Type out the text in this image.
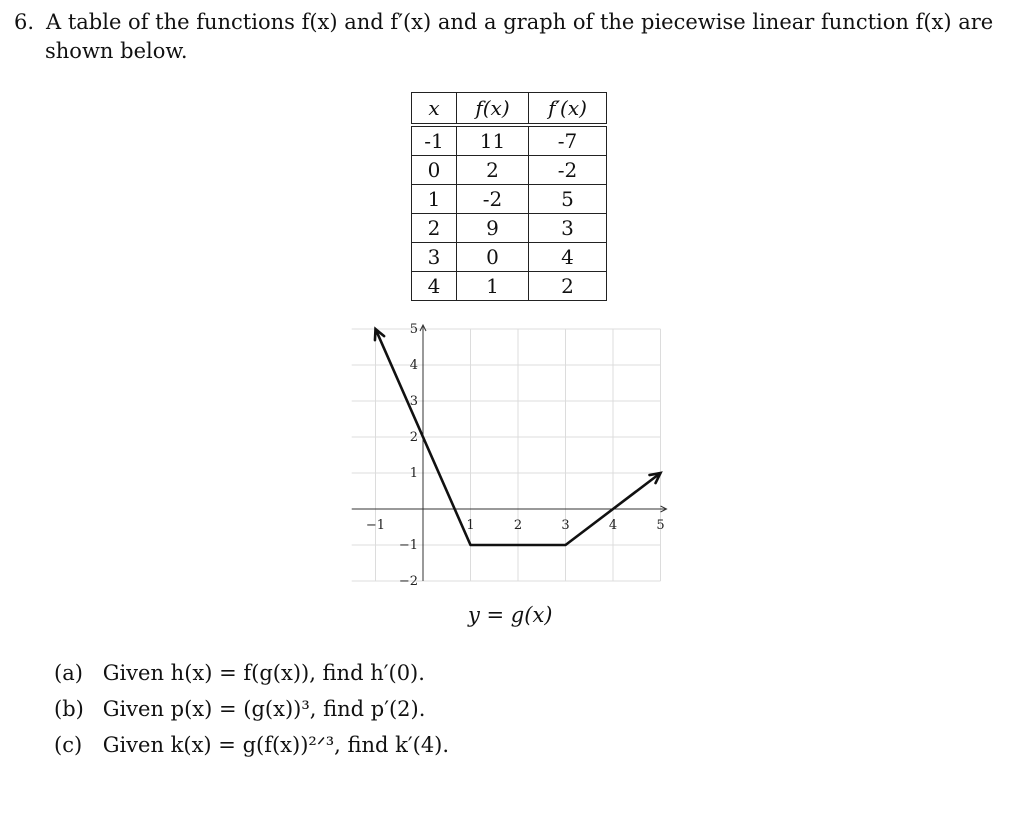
6. A table of the functions f(x) and f′(x) and a graph of the piecewise linear function f(x) are
shown below.
x	f(x)	f′(x)
-1	11	-7
0	2	-2
1	-2	5
2	9	3
3	0	4
4	1	2
−1	1	2	3	4	5
5
4
3
2
1
−1
−2
y = g(x)
(a) Given h(x) = f(g(x)), find h′(0).
(b) Given p(x) = (g(x))³, find p′(2).
(c) Given k(x) = g(f(x))²ᐟ³, find k′(4).
